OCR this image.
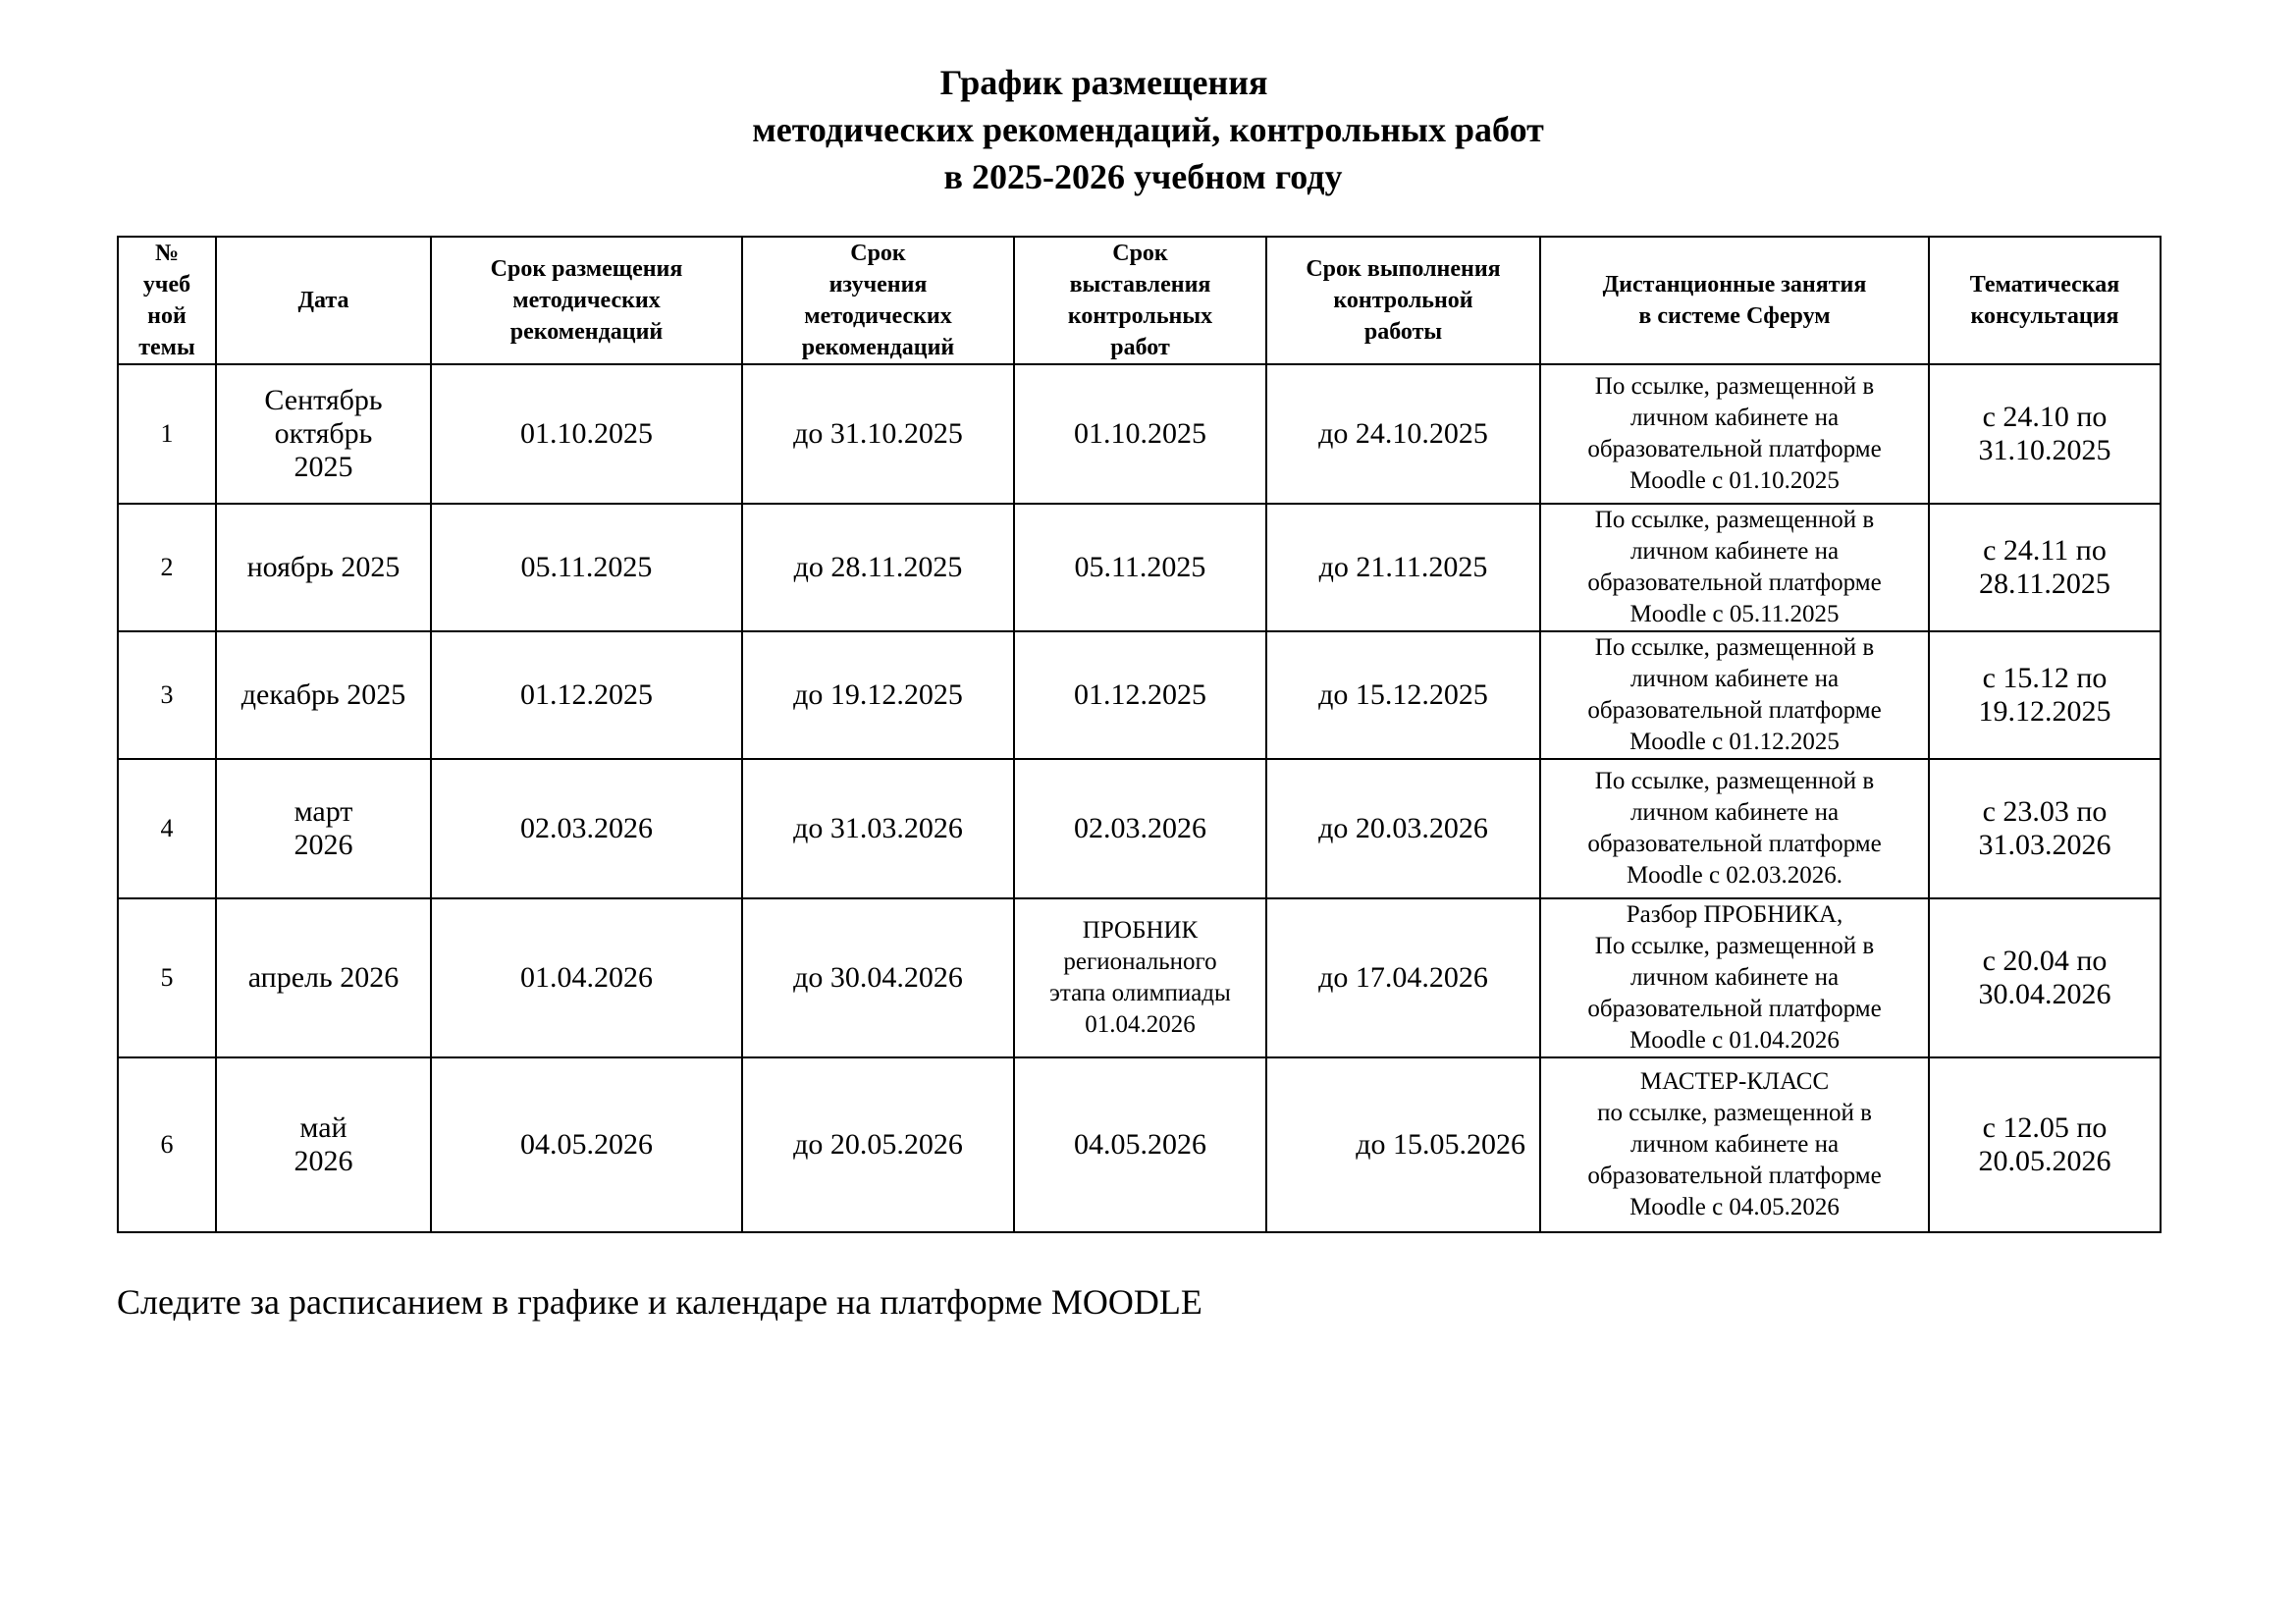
График размещения
методических рекомендаций, контрольных работ
в 2025-2026 учебном году
№
учеб
ной
темы	Дата	Срок размещения
методических
рекомендаций	Срок
изучения
методических
рекомендаций	Срок
выставления
контрольных
работ	Срок выполнения
контрольной
работы	Дистанционные занятия
в системе Сферум	Тематическая
консультация

1	Сентябрь
октябрь
2025	01.10.2025	до 31.10.2025	01.10.2025	до 24.10.2025	По ссылке, размещенной в
личном кабинете на
образовательной платформе
Moodle с 01.10.2025	с 24.10 по
31.10.2025

2	ноябрь 2025	05.11.2025	до 28.11.2025	05.11.2025	до 21.11.2025	По ссылке, размещенной в
личном кабинете на
образовательной платформе
Moodle с 05.11.2025	с 24.11 по
28.11.2025

3	декабрь 2025	01.12.2025	до 19.12.2025	01.12.2025	до 15.12.2025	По ссылке, размещенной в
личном кабинете на
образовательной платформе
Moodle с 01.12.2025	с 15.12 по
19.12.2025

4	март
2026	02.03.2026	до 31.03.2026	02.03.2026	до 20.03.2026	По ссылке, размещенной в
личном кабинете на
образовательной платформе
Moodle с 02.03.2026.	с 23.03 по
31.03.2026

5	апрель 2026	01.04.2026	до 30.04.2026	ПРОБНИК
регионального
этапа олимпиады
01.04.2026	до 17.04.2026	Разбор ПРОБНИКА,
По ссылке, размещенной в
личном кабинете на
образовательной платформе
Moodle с 01.04.2026	с 20.04 по
30.04.2026

6	май
2026	04.05.2026	до 20.05.2026	04.05.2026	до 15.05.2026	МАСТЕР-КЛАСС
по ссылке, размещенной в
личном кабинете на
образовательной платформе
Moodle с 04.05.2026	с 12.05 по
20.05.2026
Следите за расписанием в графике и календаре на платформе MOODLE
